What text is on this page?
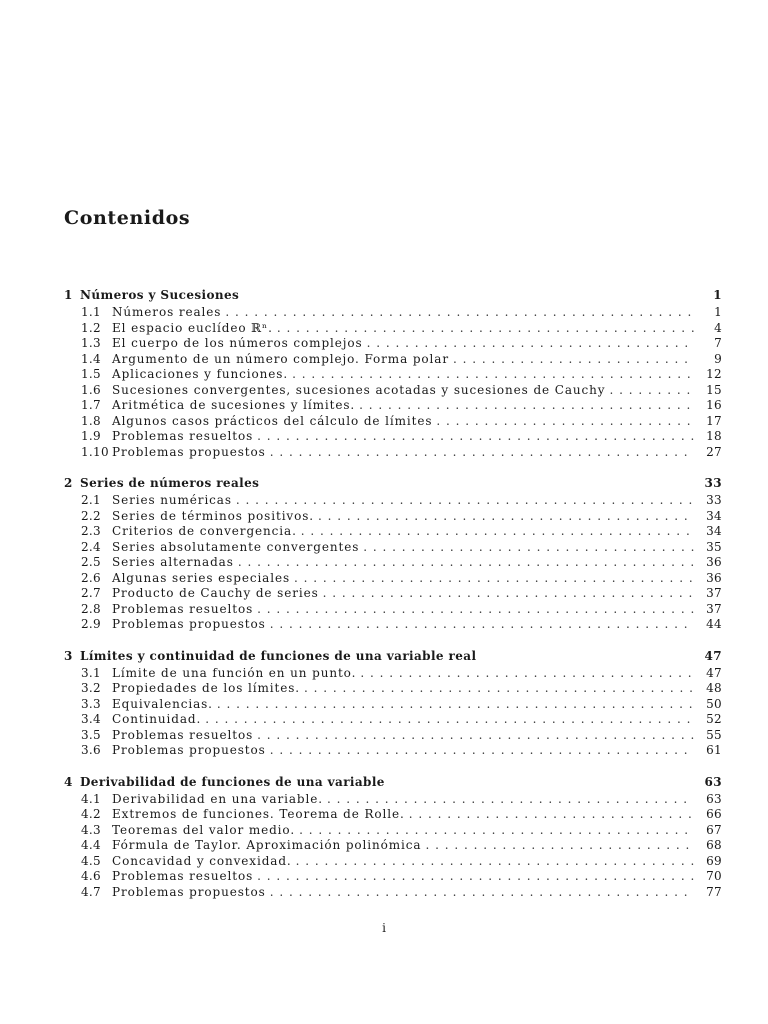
Contenidos
1 Números y Sucesiones	1
1.1 Números reales . . .	1
1.2 El espacio euclídeo ℝⁿ. . . .	4
1.3 El cuerpo de los números complejos . . .	7
1.4 Argumento de un número complejo. Forma polar . . .	9
1.5 Aplicaciones y funciones. . . .	12
1.6 Sucesiones convergentes, sucesiones acotadas y sucesiones de Cauchy . . .	15
1.7 Aritmética de sucesiones y límites. . . .	16
1.8 Algunos casos prácticos del cálculo de límites . . .	17
1.9 Problemas resueltos . . .	18
1.10 Problemas propuestos . . .	27
2 Series de números reales	33
2.1 Series numéricas . . .	33
2.2 Series de términos positivos. . . .	34
2.3 Criterios de convergencia. . . .	34
2.4 Series absolutamente convergentes . . .	35
2.5 Series alternadas . . .	36
2.6 Algunas series especiales . . .	36
2.7 Producto de Cauchy de series . . .	37
2.8 Problemas resueltos . . .	37
2.9 Problemas propuestos . . .	44
3 Límites y continuidad de funciones de una variable real	47
3.1 Límite de una función en un punto. . . .	47
3.2 Propiedades de los límites. . . .	48
3.3 Equivalencias. . . .	50
3.4 Continuidad. . . .	52
3.5 Problemas resueltos . . .	55
3.6 Problemas propuestos . . .	61
4 Derivabilidad de funciones de una variable	63
4.1 Derivabilidad en una variable. . . .	63
4.2 Extremos de funciones. Teorema de Rolle. . . .	66
4.3 Teoremas del valor medio. . . .	67
4.4 Fórmula de Taylor. Aproximación polinómica . . .	68
4.5 Concavidad y convexidad. . . .	69
4.6 Problemas resueltos . . .	70
4.7 Problemas propuestos . . .	77
i
